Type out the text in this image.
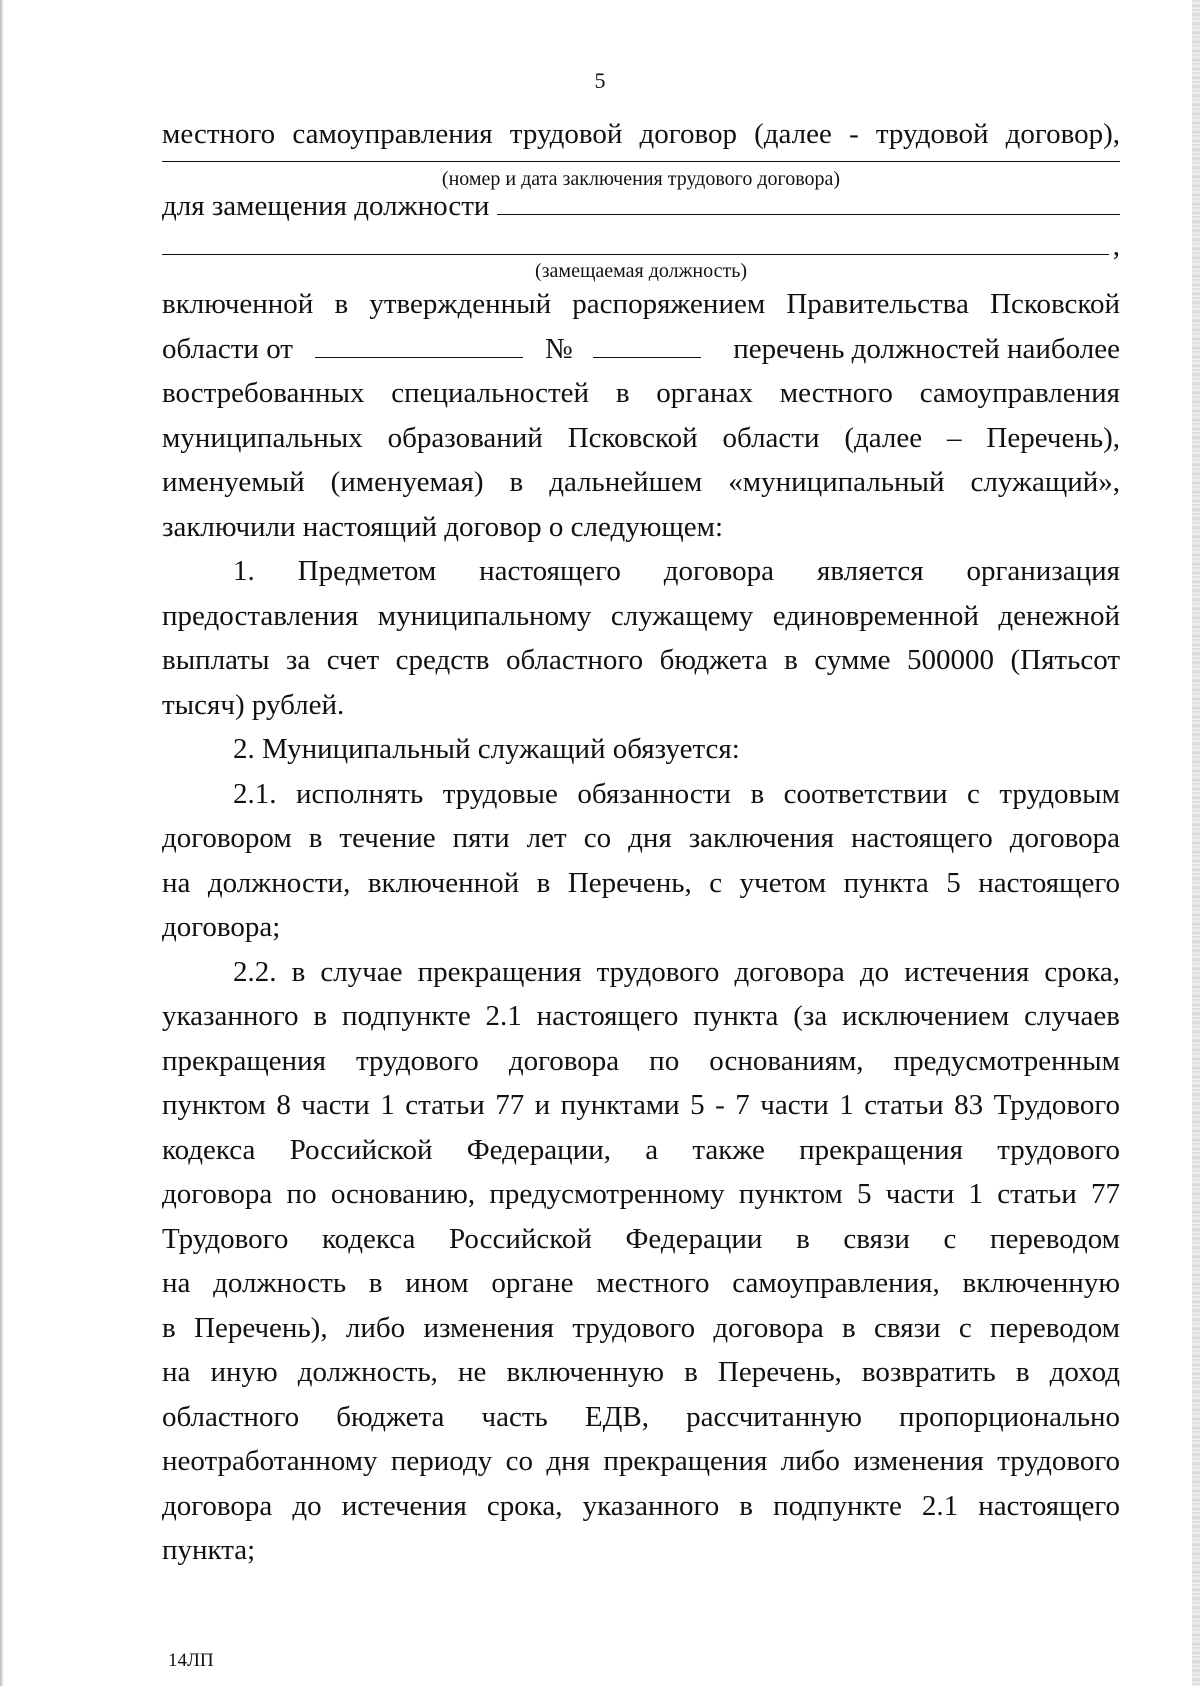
5
местного самоуправления трудовой договор (далее - трудовой договор),
(номер и дата заключения трудового договора)
для замещения должности
,
(замещаемая должность)
включенной в утвержденный распоряжением Правительства Псковской
области от	№	перечень должностей наиболее
востребованных специальностей в органах местного самоуправления
муниципальных образований Псковской области (далее – Перечень),
именуемый (именуемая) в дальнейшем «муниципальный служащий»,
заключили настоящий договор о следующем:
1. Предметом настоящего договора является организация
предоставления муниципальному служащему единовременной денежной
выплаты за счет средств областного бюджета в сумме 500000 (Пятьсот
тысяч) рублей.
2. Муниципальный служащий обязуется:
2.1. исполнять трудовые обязанности в соответствии с трудовым
договором в течение пяти лет со дня заключения настоящего договора
на должности, включенной в Перечень, с учетом пункта 5 настоящего
договора;
2.2. в случае прекращения трудового договора до истечения срока,
указанного в подпункте 2.1 настоящего пункта (за исключением случаев
прекращения трудового договора по основаниям, предусмотренным
пунктом 8 части 1 статьи 77 и пунктами 5 - 7 части 1 статьи 83 Трудового
кодекса Российской Федерации, а также прекращения трудового
договора по основанию, предусмотренному пунктом 5 части 1 статьи 77
Трудового кодекса Российской Федерации в связи с переводом
на должность в ином органе местного самоуправления, включенную
в Перечень), либо изменения трудового договора в связи с переводом
на иную должность, не включенную в Перечень, возвратить в доход
областного бюджета часть ЕДВ, рассчитанную пропорционально
неотработанному периоду со дня прекращения либо изменения трудового
договора до истечения срока, указанного в подпункте 2.1 настоящего
пункта;
14ЛП
